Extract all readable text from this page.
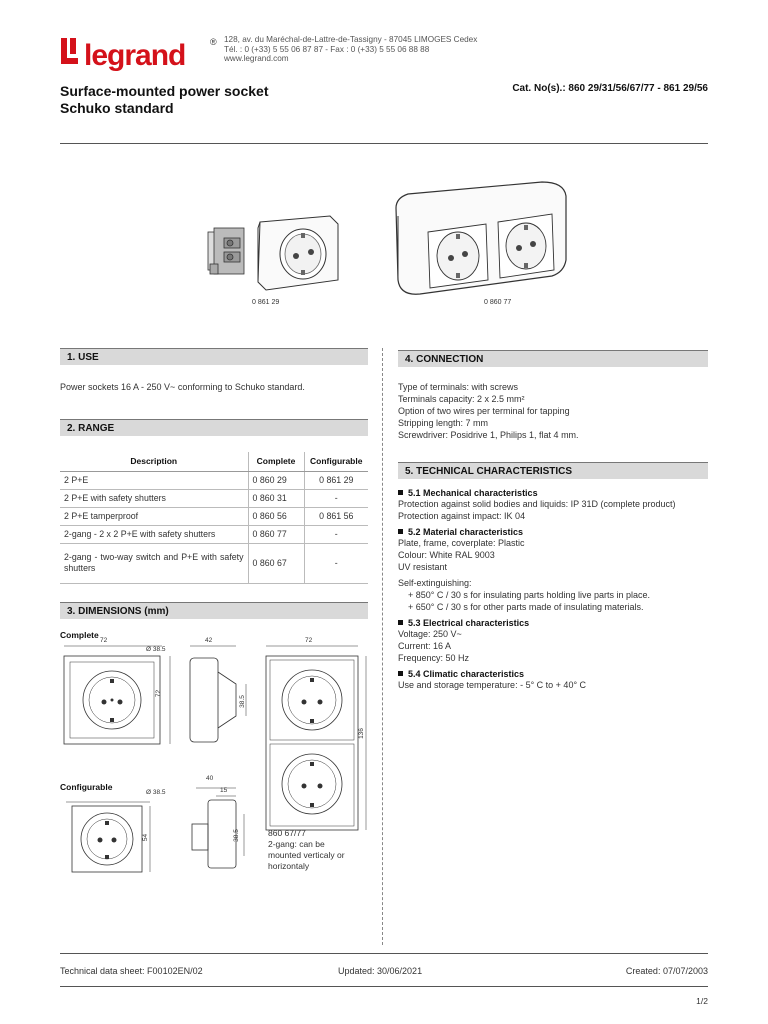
legrand	® 128, av. du Maréchal-de-Lattre-de-Tassigny - 87045 LIMOGES Cedex
Tél. : 0 (+33) 5 55 06 87 87 - Fax : 0 (+33) 5 55 06 88 88
www.legrand.com
Surface-mounted power socket
Schuko standard
Cat. No(s).: 860 29/31/56/67/77 - 861 29/56
0 861 29	0 860 77
1. USE
Power sockets 16 A - 250 V~ conforming to Schuko standard.
2. RANGE
Description	Complete	Configurable
2 P+E	0 860 29	0 861 29
2 P+E with safety shutters	0 860 31	-
2 P+E tamperproof	0 860 56	0 861 56
2-gang - 2 x 2 P+E with safety shutters	0 860 77	-
2-gang - two-way switch and P+E with safety shutters	0 860 67	-
3. DIMENSIONS (mm)
Complete
Configurable
72
Ø 38.5
72
42
38.5
72
136
Ø 38.5
54
40
15
38.5	860 67/77
2-gang: can be
mounted verticaly or
horizontaly
4. CONNECTION
Type of terminals: with screws
Terminals capacity: 2 x 2.5 mm²
Option of two wires per terminal for tapping
Stripping length: 7 mm
Screwdriver: Posidrive 1, Philips 1, flat 4 mm.
5. TECHNICAL CHARACTERISTICS
5.1 Mechanical characteristics
Protection against solid bodies and liquids: IP 31D (complete product)
Protection against impact: IK 04
5.2 Material characteristics
Plate, frame, coverplate: Plastic
Colour: White RAL 9003
UV resistant
Self-extinguishing:
+ 850° C / 30 s for insulating parts holding live parts in place.
+ 650° C / 30 s for other parts made of insulating materials.
5.3 Electrical characteristics
Voltage: 250 V~
Current: 16 A
Frequency: 50 Hz
5.4 Climatic characteristics
Use and storage temperature: - 5° C to + 40° C
Technical data sheet: F00102EN/02	Updated: 30/06/2021	Created: 07/07/2003
1/2
